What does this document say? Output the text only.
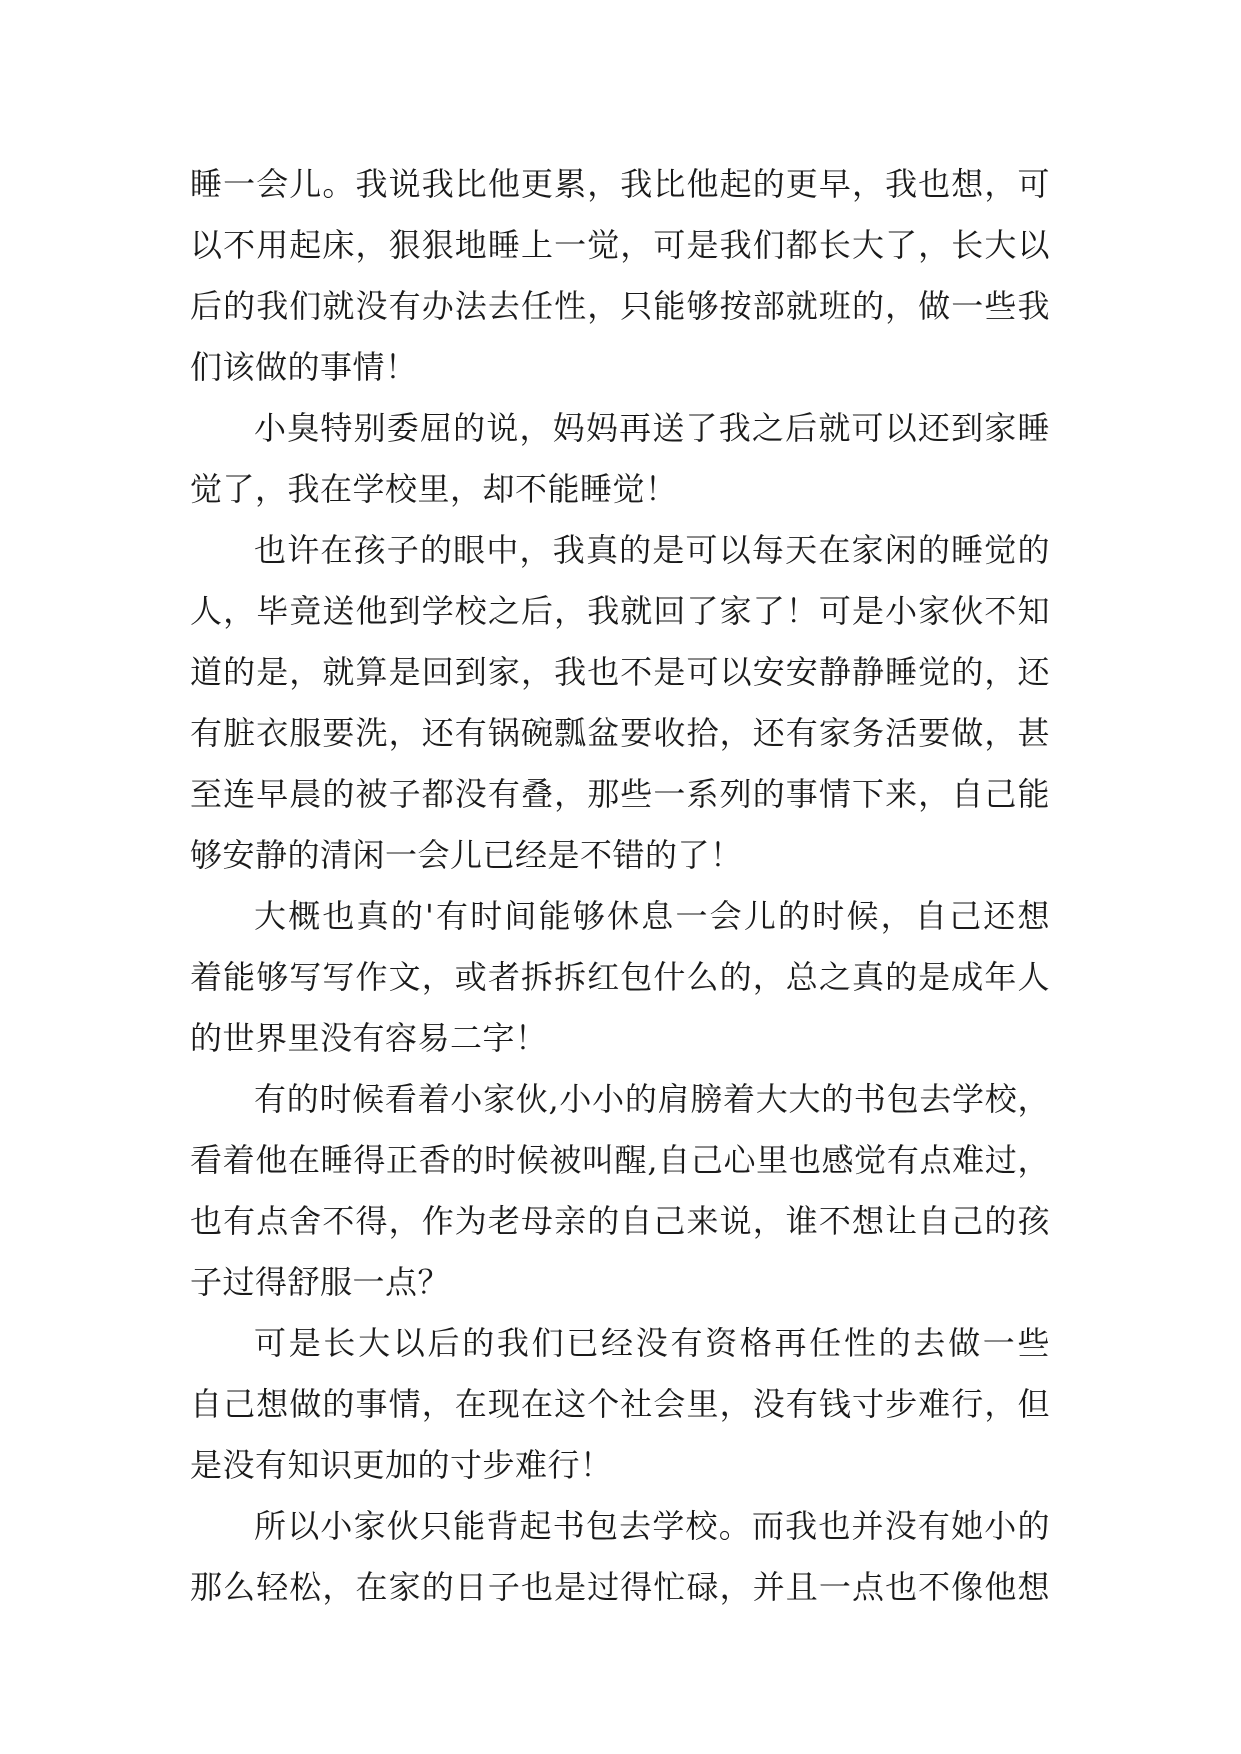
睡一会儿。我说我比他更累，我比他起的更早，我也想，可
以不用起床，狠狠地睡上一觉，可是我们都长大了，长大以
后的我们就没有办法去任性，只能够按部就班的，做一些我
们该做的事情！
小臭特别委屈的说，妈妈再送了我之后就可以还到家睡
觉了，我在学校里，却不能睡觉！
也许在孩子的眼中，我真的是可以每天在家闲的睡觉的
人，毕竟送他到学校之后，我就回了家了！可是小家伙不知
道的是，就算是回到家，我也不是可以安安静静睡觉的，还
有脏衣服要洗，还有锅碗瓢盆要收拾，还有家务活要做，甚
至连早晨的被子都没有叠，那些一系列的事情下来，自己能
够安静的清闲一会儿已经是不错的了！
大概也真的'有时间能够休息一会儿的时候，自己还想
着能够写写作文，或者拆拆红包什么的，总之真的是成年人
的世界里没有容易二字！
有的时候看着小家伙,小小的肩膀着大大的书包去学校，
看着他在睡得正香的时候被叫醒,自己心里也感觉有点难过，
也有点舍不得，作为老母亲的自己来说，谁不想让自己的孩
子过得舒服一点？
可是长大以后的我们已经没有资格再任性的去做一些
自己想做的事情，在现在这个社会里，没有钱寸步难行，但
是没有知识更加的寸步难行！
所以小家伙只能背起书包去学校。而我也并没有她小的
那么轻松，在家的日子也是过得忙碌，并且一点也不像他想
